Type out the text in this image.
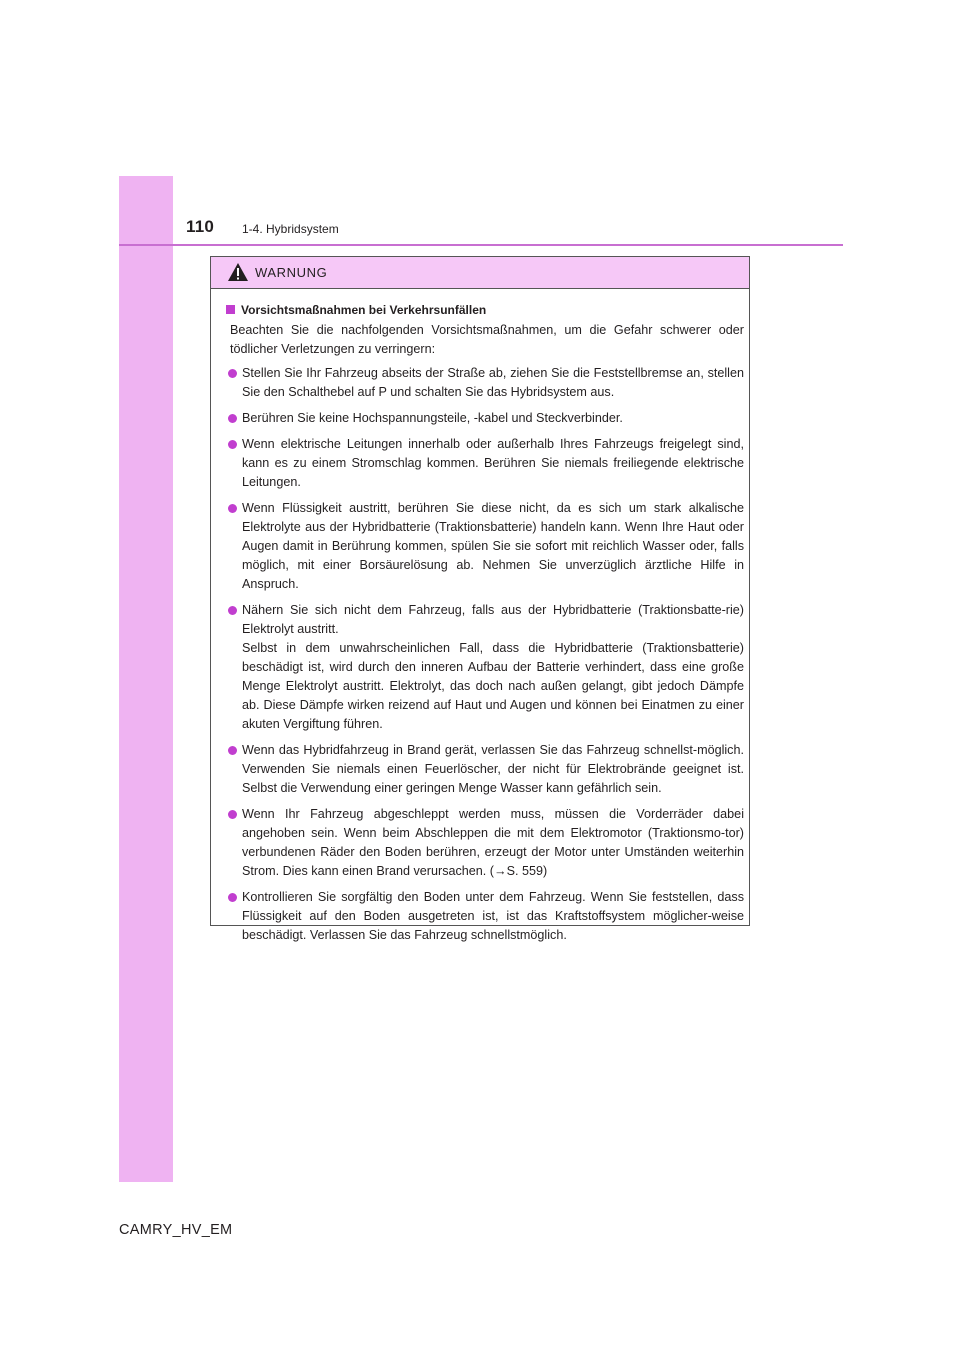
110 1-4. Hybridsystem
WARNUNG
Vorsichtsmaßnahmen bei Verkehrsunfällen
Beachten Sie die nachfolgenden Vorsichtsmaßnahmen, um die Gefahr schwerer oder tödlicher Verletzungen zu verringern:
Stellen Sie Ihr Fahrzeug abseits der Straße ab, ziehen Sie die Feststellbremse an, stellen Sie den Schalthebel auf P und schalten Sie das Hybridsystem aus.
Berühren Sie keine Hochspannungsteile, -kabel und Steckverbinder.
Wenn elektrische Leitungen innerhalb oder außerhalb Ihres Fahrzeugs freigelegt sind, kann es zu einem Stromschlag kommen. Berühren Sie niemals freiliegende elektrische Leitungen.
Wenn Flüssigkeit austritt, berühren Sie diese nicht, da es sich um stark alkalische Elektrolyte aus der Hybridbatterie (Traktionsbatterie) handeln kann. Wenn Ihre Haut oder Augen damit in Berührung kommen, spülen Sie sie sofort mit reichlich Wasser oder, falls möglich, mit einer Borsäurelösung ab. Nehmen Sie unverzüglich ärztliche Hilfe in Anspruch.
Nähern Sie sich nicht dem Fahrzeug, falls aus der Hybridbatterie (Traktionsbatte-rie) Elektrolyt austritt.
Selbst in dem unwahrscheinlichen Fall, dass die Hybridbatterie (Traktionsbatterie) beschädigt ist, wird durch den inneren Aufbau der Batterie verhindert, dass eine große Menge Elektrolyt austritt. Elektrolyt, das doch nach außen gelangt, gibt jedoch Dämpfe ab. Diese Dämpfe wirken reizend auf Haut und Augen und können bei Einatmen zu einer akuten Vergiftung führen.
Wenn das Hybridfahrzeug in Brand gerät, verlassen Sie das Fahrzeug schnellst-möglich. Verwenden Sie niemals einen Feuerlöscher, der nicht für Elektrobrände geeignet ist. Selbst die Verwendung einer geringen Menge Wasser kann gefährlich sein.
Wenn Ihr Fahrzeug abgeschleppt werden muss, müssen die Vorderräder dabei angehoben sein. Wenn beim Abschleppen die mit dem Elektromotor (Traktionsmo-tor) verbundenen Räder den Boden berühren, erzeugt der Motor unter Umständen weiterhin Strom. Dies kann einen Brand verursachen. (→S. 559)
Kontrollieren Sie sorgfältig den Boden unter dem Fahrzeug. Wenn Sie feststellen, dass Flüssigkeit auf den Boden ausgetreten ist, ist das Kraftstoffsystem möglicher-weise beschädigt. Verlassen Sie das Fahrzeug schnellstmöglich.
CAMRY_HV_EM
